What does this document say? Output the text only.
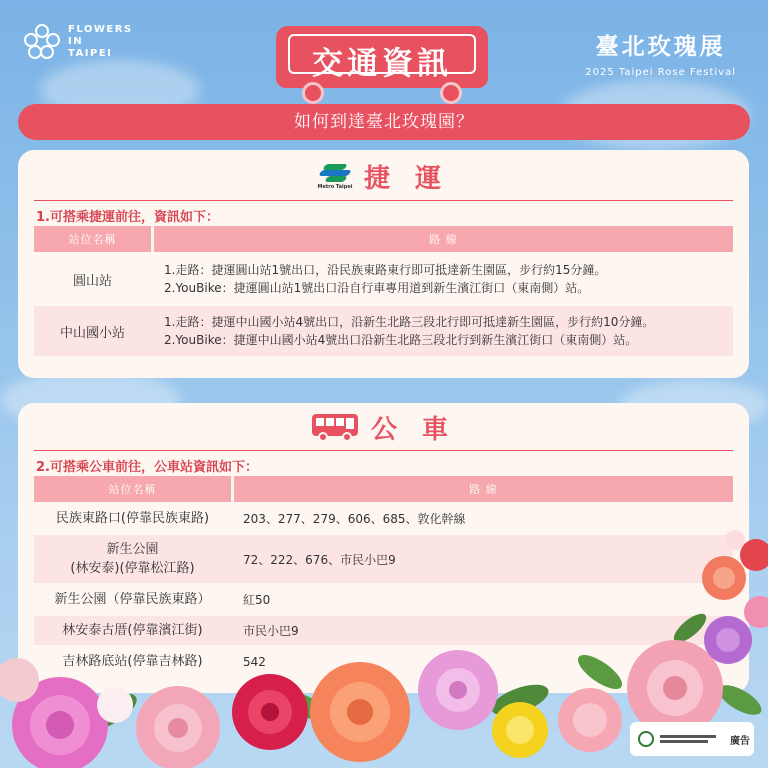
FLOWERS
IN
TAIPEI	交通資訊	臺北玫瑰展
2025 Taipei Rose Festival
如何到達臺北玫瑰園？
Metro Taipei 捷 運
1.可搭乘捷運前往，資訊如下：
站位名稱	路 線
圓山站	1.走路：捷運圓山站1號出口，沿民族東路東行即可抵達新生園區，步行約15分鐘。
2.YouBike：捷運圓山站1號出口沿自行車專用道到新生濱江街口（東南側）站。

中山國小站	1.走路：捷運中山國小站4號出口，沿新生北路三段北行即可抵達新生園區，步行約10分鐘。
2.YouBike：捷運中山國小站4號出口沿新生北路三段北行到新生濱江街口（東南側）站。
公 車
2.可搭乘公車前往，公車站資訊如下：
站位名稱	路 線
民族東路口(停靠民族東路)	203、277、279、606、685、敦化幹線

新生公園
(林安泰)(停靠松江路)	72、222、676、市民小巴9
新生公園（停靠民族東路）	紅50
林安泰古厝(停靠濱江街)	市民小巴9
吉林路底站(停靠吉林路)	542
廣告
